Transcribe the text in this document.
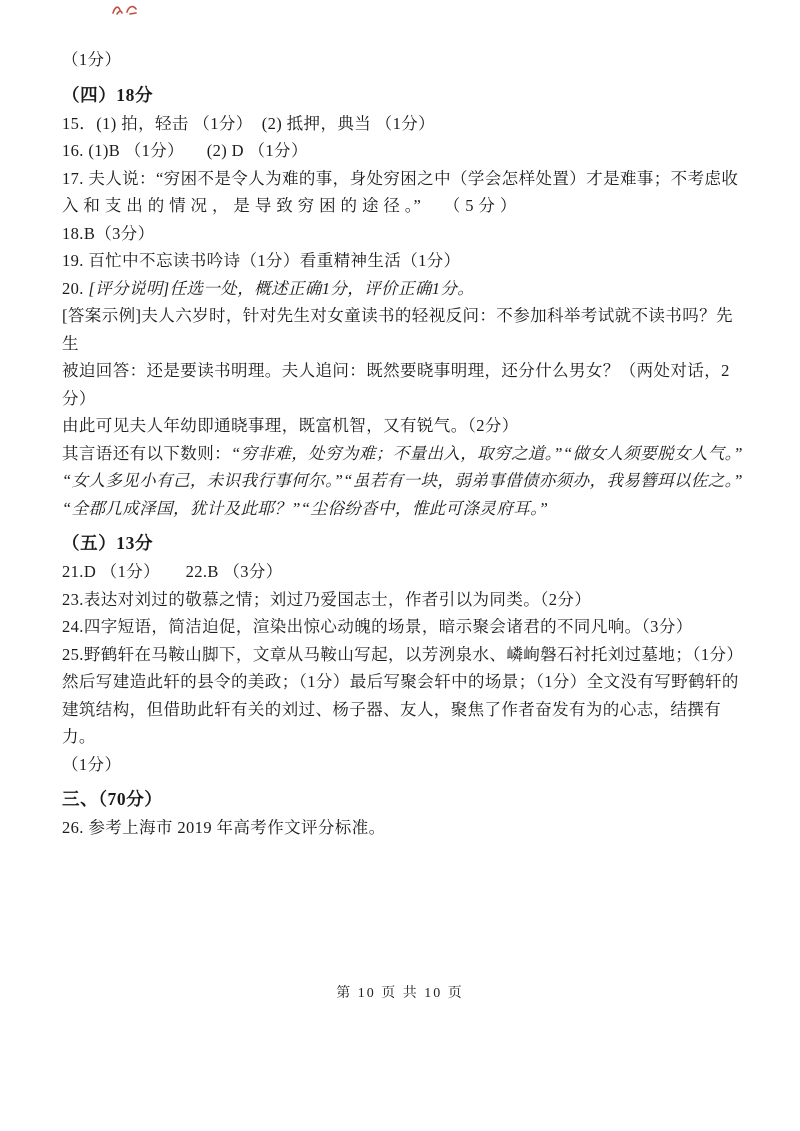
（1分）
（四）18分
15．(1) 拍，轻击 （1分）  (2) 抵押，典当 （1分）
16. (1)B （1分）     (2) D （1分）
17. 夫人说：“穷困不是令人为难的事，身处穷困之中（学会怎样处置）才是难事；不考虑收
入 和 支 出 的 情 况 ， 是 导 致 穷 困 的 途 径 。”     （ 5 分 ）
18.B（3分）
19. 百忙中不忘读书吟诗（1分）看重精神生活（1分）
20. [评分说明]任选一处，概述正确1分，评价正确1分。
[答案示例]夫人六岁时，针对先生对女童读书的轻视反问：不参加科举考试就不读书吗？先生
被迫回答：还是要读书明理。夫人追问：既然要晓事明理，还分什么男女？（两处对话，2分）
由此可见夫人年幼即通晓事理，既富机智，又有锐气。（2分）
其言语还有以下数则：“穷非难，处穷为难；不量出入，取穷之道。”“做女人须要脱女人气。”
“女人多见小有己，未识我行事何尔。”“虽若有一块，弱弟事借债亦须办，我易簪珥以佐之。”
“全郡几成泽国，犹计及此耶？”“尘俗纷沓中，惟此可涤灵府耳。”
（五）13分
21.D （1分）　　22.B （3分）
23.表达对刘过的敬慕之情；刘过乃爱国志士，作者引以为同类。（2分）
24.四字短语，简洁迫促，渲染出惊心动魄的场景，暗示聚会诸君的不同凡响。（3分）
25.野鹤轩在马鞍山脚下，文章从马鞍山写起，以芳洌泉水、嶙峋磐石衬托刘过墓地；（1分）
然后写建造此轩的县令的美政；（1分）最后写聚会轩中的场景；（1分）全文没有写野鹤轩的
建筑结构，但借助此轩有关的刘过、杨子器、友人，聚焦了作者奋发有为的心志，结撰有力。
（1分）
三、（70分）
26. 参考上海市 2019 年高考作文评分标准。
第 10 页 共 10 页
